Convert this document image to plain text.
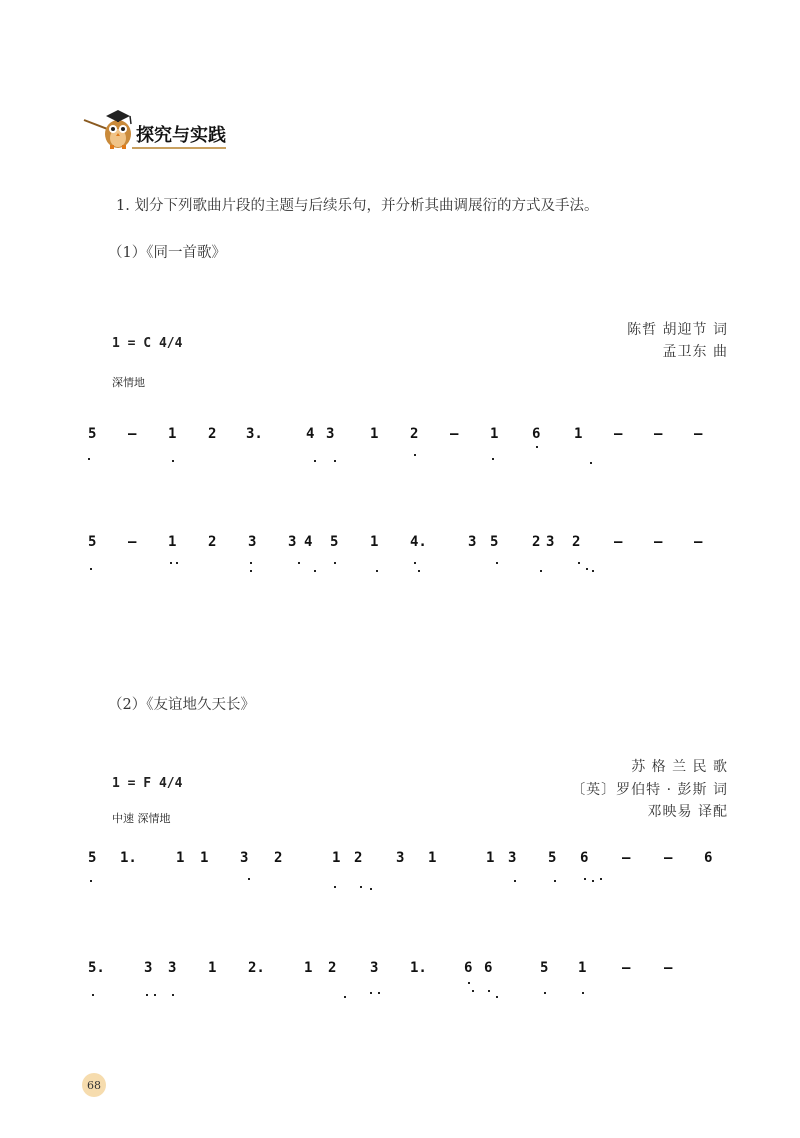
探究与实践
1. 划分下列歌曲片段的主题与后续乐句，并分析其曲调展衍的方式及手法。
（1）《同一首歌》
陈哲 胡迎节 词
孟卫东 曲
1 = C 4/4
深情地
5 – 1 2 3.	4 3	1 2 – 1 6 1 – – –
5 – 1 2 3 3 4 5 1 4.	3 5 2 3 2 – – –
（2）《友谊地久天长》
苏 格 兰 民 歌
〔英〕罗伯特 · 彭斯 词
邓映易 译配
1 = F 4/4
中速 深情地
5 1.	1 1 3 2	1 2 3 1	1 3 5 6 – – 6
5.	3 3 1 2.	1 2 3 1.	6 6	5 1	– –
68
